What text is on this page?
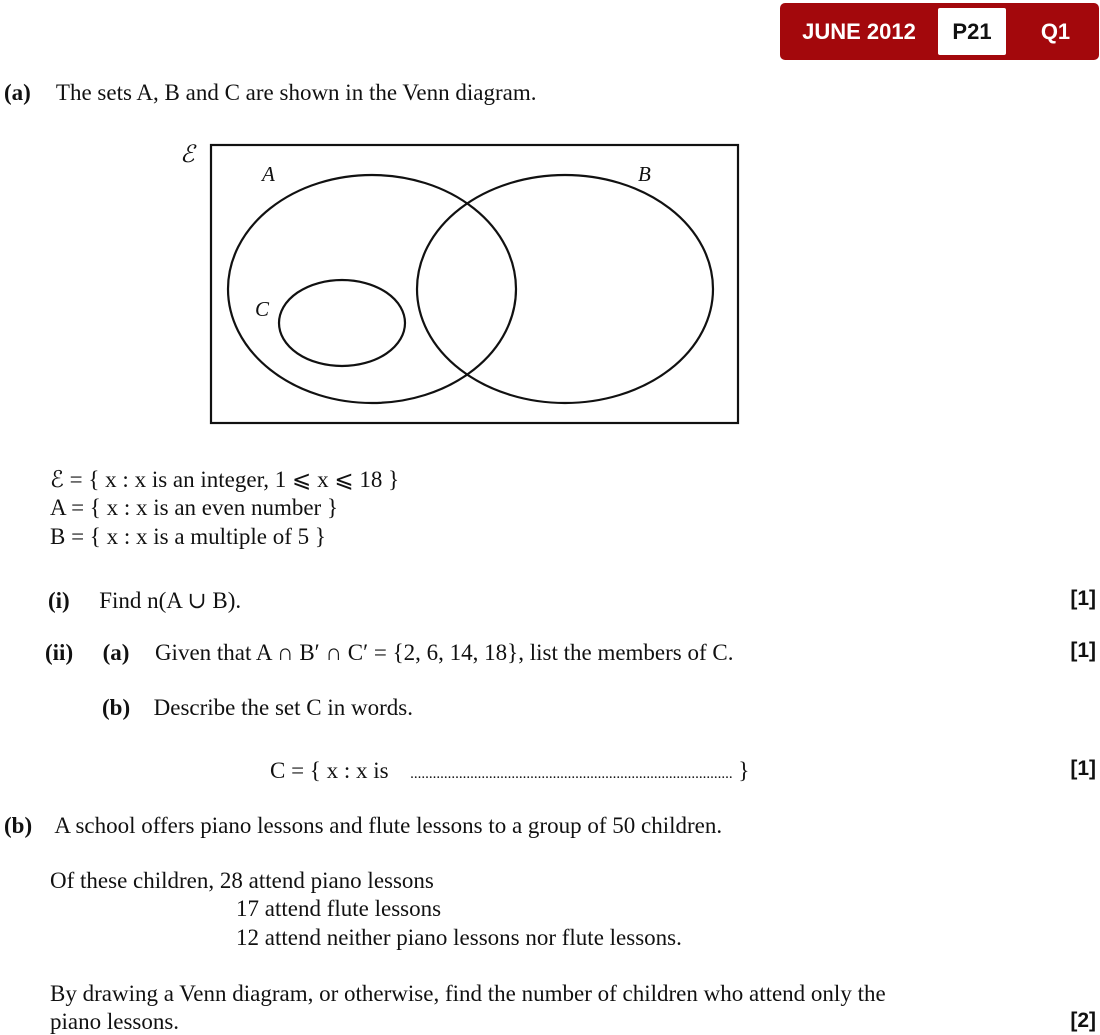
JUNE 2012	P21	Q1
(a) The sets A, B and C are shown in the Venn diagram.
ℰ
A	B
C
ℰ = { x : x is an integer, 1 ⩽ x ⩽ 18 }
A = { x : x is an even number }
B = { x : x is a multiple of 5 }
(i) Find n(A ∪ B).	[1]
(ii) (a) Given that A ∩ B′ ∩ C′ = {2, 6, 14, 18}, list the members of C.	[1]
(b) Describe the set C in words.
C = { x : x is ...................................................................................... }	[1]
(b) A school offers piano lessons and flute lessons to a group of 50 children.
Of these children, 28 attend piano lessons
17 attend flute lessons
12 attend neither piano lessons nor flute lessons.
By drawing a Venn diagram, or otherwise, find the number of children who attend only the
piano lessons.	[2]
